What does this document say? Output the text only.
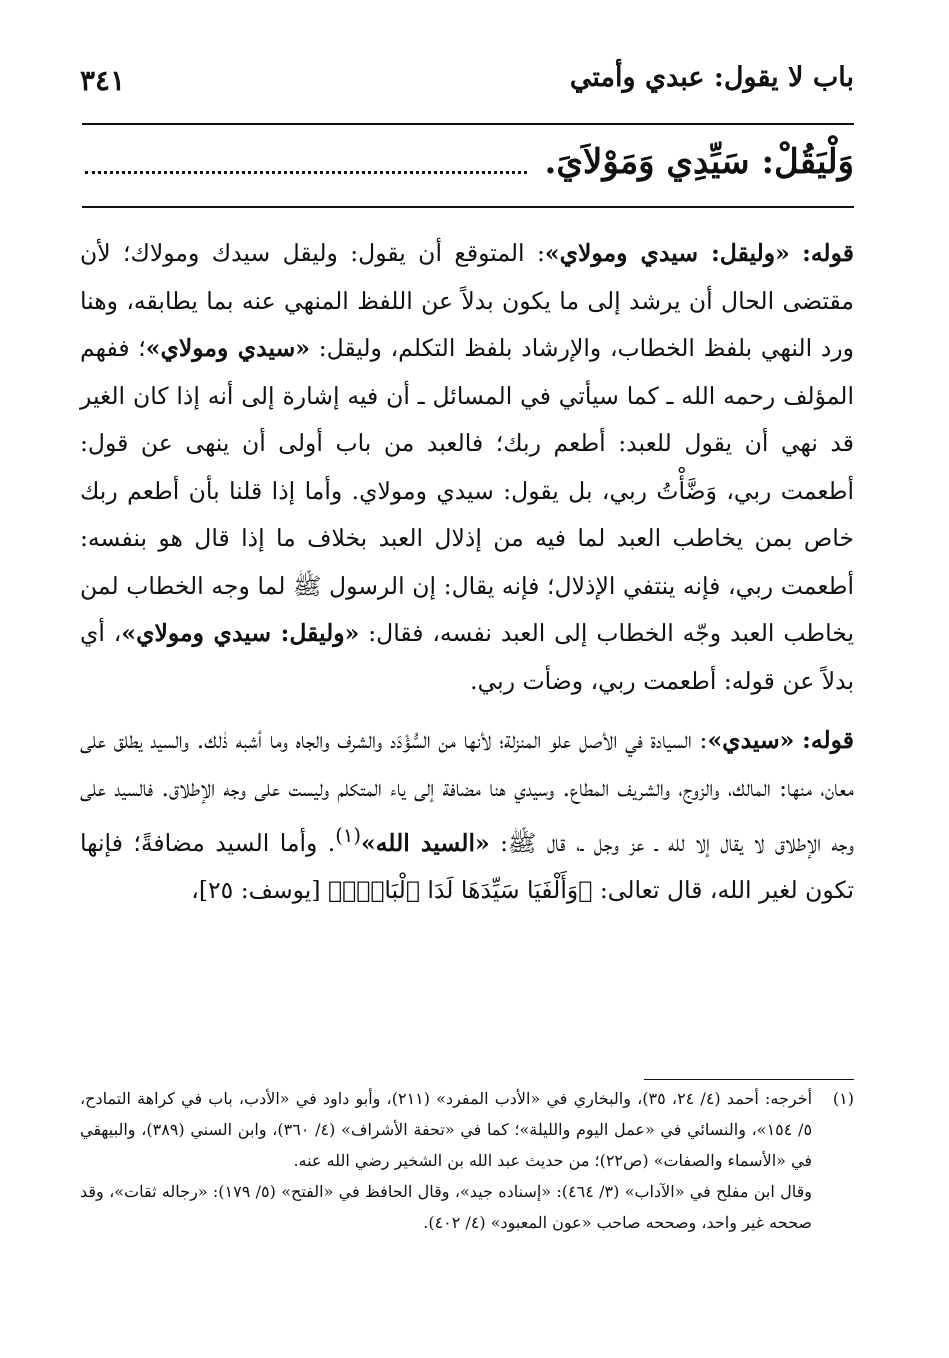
باب لا يقول: عبدي وأمتي
٣٤١
وَلْيَقُلْ: سَيِّدِي وَمَوْلاَيَ.

قوله: «وليقل: سيدي ومولاي»: المتوقع أن يقول: وليقل سيدك ومولاك؛ لأن مقتضى الحال أن يرشد إلى ما يكون بدلاً عن اللفظ المنهي عنه بما يطابقه، وهنا ورد النهي بلفظ الخطاب، والإرشاد بلفظ التكلم، وليقل: «سيدي ومولاي»؛ ففهم المؤلف رحمه الله ـ كما سيأتي في المسائل ـ أن فيه إشارة إلى أنه إذا كان الغير قد نهي أن يقول للعبد: أطعم ربك؛ فالعبد من باب أولى أن ينهى عن قول: أطعمت ربي، وَضَّأْتُ ربي، بل يقول: سيدي ومولاي. وأما إذا قلنا بأن أطعم ربك خاص بمن يخاطب العبد لما فيه من إذلال العبد بخلاف ما إذا قال هو بنفسه: أطعمت ربي، فإنه ينتفي الإذلال؛ فإنه يقال: إن الرسول ﷺ لما وجه الخطاب لمن يخاطب العبد وجّه الخطاب إلى العبد نفسه، فقال: «وليقل: سيدي ومولاي»، أي بدلاً عن قوله: أطعمت ربي، وضأت ربي.

قوله: «سيدي»: السيادة في الأصل علو المنزلة؛ لأنها من السُّؤْدَد والشرف والجاه وما أشبه ذٰلك. والسيد يطلق على معان، منها: المالك، والزوج، والشريف المطاع. وسيدي هنا مضافة إلى ياء المتكلم وليست على وجه الإطلاق. فالسيد على وجه الإطلاق لا يقال إلا لله ـ عز وجل ـ، قال ﷺ: «السيد الله»$^{(١)}$. وأما السيد مضافةً؛ فإنها تكون لغير الله، قال تعالى: ﴿وَأَلْفَيَا سَيِّدَهَا لَدَا ٱلْبَابِۚ﴾ [يوسف: ٢٥]،

(١)

أخرجه: أحمد (٤/ ٢٤، ٣٥)، والبخاري في «الأدب المفرد» (٢١١)، وأبو داود في «الأدب، باب في كراهة التمادح، ٥/ ١٥٤»، والنسائي في «عمل اليوم والليلة»؛ كما في «تحفة الأشراف» (٤/ ٣٦٠)، وابن السني (٣٨٩)، والبيهقي في «الأسماء والصفات» (ص٢٢)؛ من حديث عبد الله بن الشخير رضي الله عنه.

وقال ابن مفلح في «الآداب» (٣/ ٤٦٤): «إسناده جيد»، وقال الحافظ في «الفتح» (٥/ ١٧٩): «رجاله ثقات»، وقد صححه غير واحد، وصححه صاحب «عون المعبود» (٤/ ٤٠٢).
